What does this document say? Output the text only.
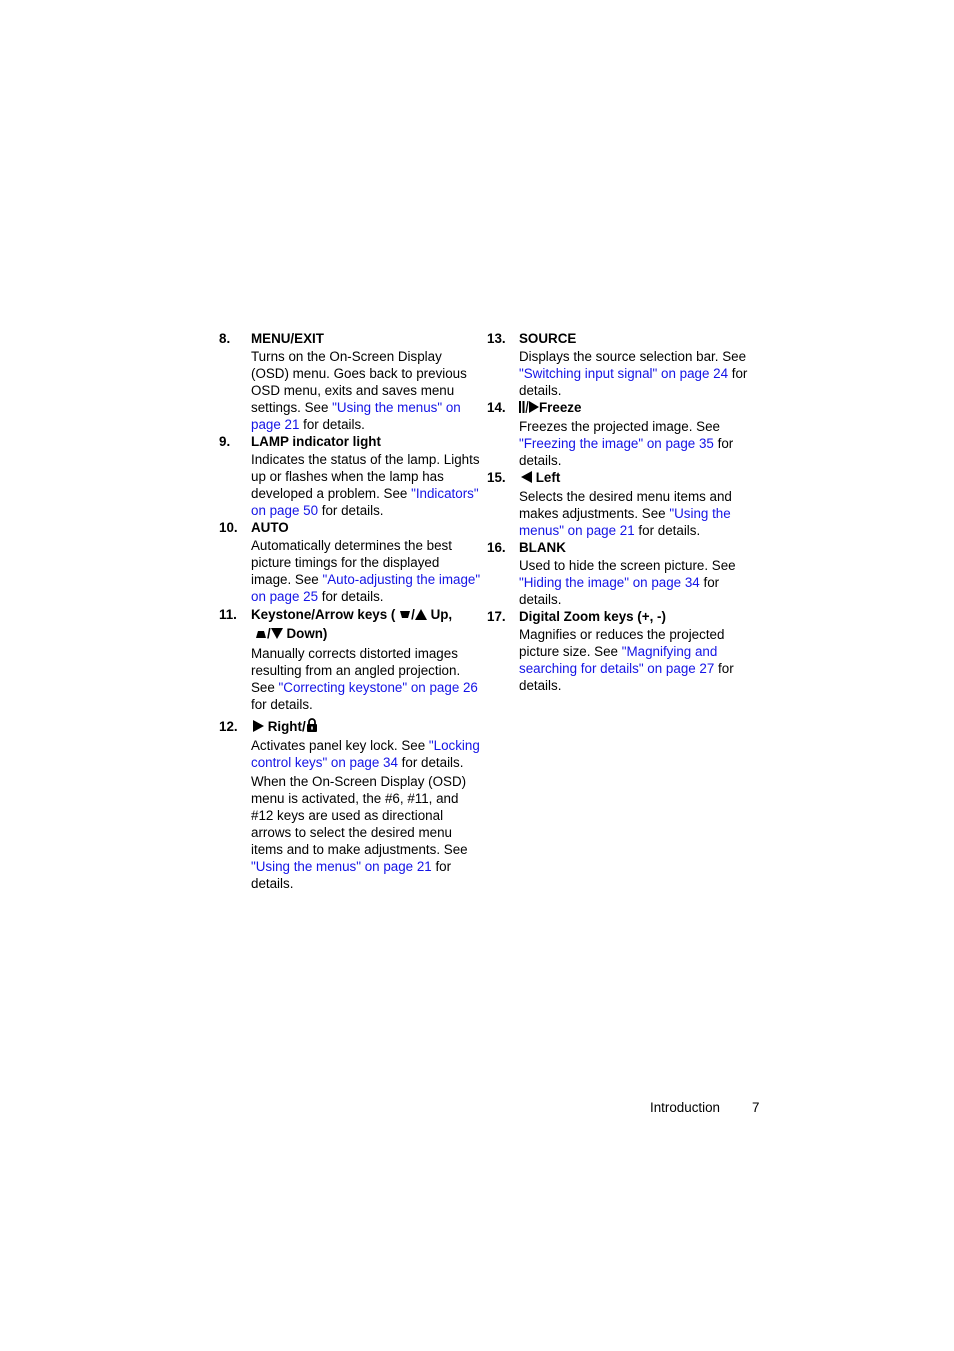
8. MENU/EXIT
Turns on the On-Screen Display (OSD) menu. Goes back to previous OSD menu, exits and saves menu settings. See "Using the menus" on page 21 for details.
9. LAMP indicator light
Indicates the status of the lamp. Lights up or flashes when the lamp has developed a problem. See "Indicators" on page 50 for details.
10. AUTO
Automatically determines the best picture timings for the displayed image. See "Auto-adjusting the image" on page 25 for details.
11. Keystone/Arrow keys ( / Up,
/ Down)
Manually corrects distorted images resulting from an angled projection. See "Correcting keystone" on page 26 for details.
12.	Right/
Activates panel key lock. See "Locking control keys" on page 34 for details.
When the On-Screen Display (OSD) menu is activated, the #6, #11, and #12 keys are used as directional arrows to select the desired menu items and to make adjustments. See "Using the menus" on page 21 for details.
13. SOURCE
Displays the source selection bar. See "Switching input signal" on page 24 for details.
14.	Freeze
Freezes the projected image. See "Freezing the image" on page 35 for details.
15.	Left
Selects the desired menu items and makes adjustments. See "Using the menus" on page 21 for details.
16. BLANK
Used to hide the screen picture. See "Hiding the image" on page 34 for details.
17. Digital Zoom keys (+, -)
Magnifies or reduces the projected picture size. See "Magnifying and searching for details" on page 27 for details.
Introduction 7
